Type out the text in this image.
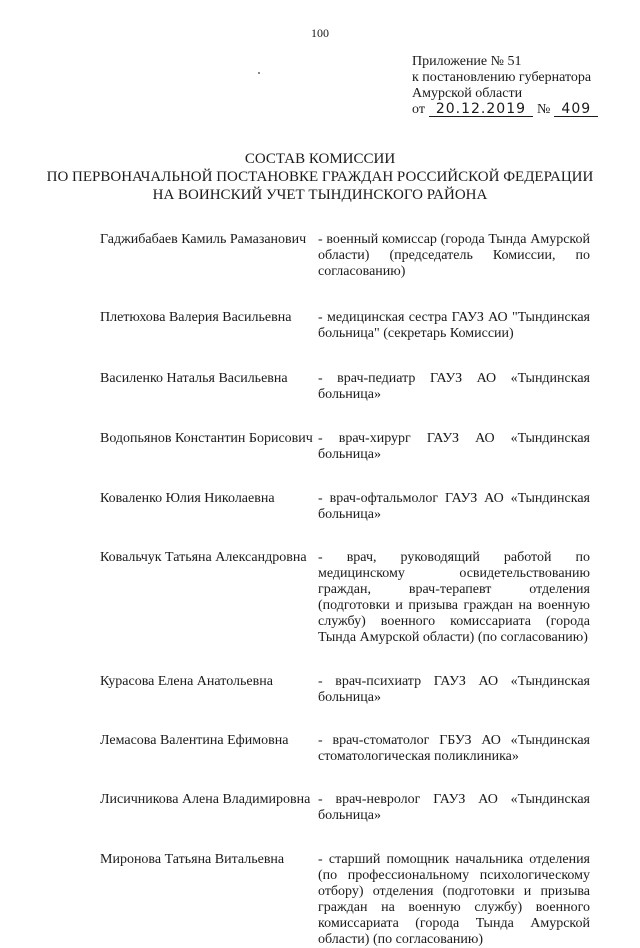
100
Приложение № 51
к постановлению губернатора
Амурской области
от 20.12.2019 № 409
СОСТАВ КОМИССИИ
ПО ПЕРВОНАЧАЛЬНОЙ ПОСТАНОВКЕ ГРАЖДАН РОССИЙСКОЙ ФЕДЕРАЦИИ
НА ВОИНСКИЙ УЧЕТ ТЫНДИНСКОГО РАЙОНА
Гаджибабаев Камиль Рамазанович - военный комиссар (города Тында Амурской области) (председатель Комиссии, по согласованию)
Плетюхова Валерия Васильевна	- медицинская сестра ГАУЗ АО "Тындинская больница" (секретарь Комиссии)
Василенко Наталья Васильевна	- врач-педиатр ГАУЗ АО «Тындинская больница»
Водопьянов Константин Борисович - врач-хирург ГАУЗ АО «Тындинская больница»
Коваленко Юлия Николаевна	- врач-офтальмолог ГАУЗ АО «Тындинская больница»
Ковальчук Татьяна Александровна - врач, руководящий работой по медицинскому освидетельствованию граждан, врач-терапевт отделения (подготовки и призыва граждан на военную службу) военного комиссариата (города Тында Амурской области) (по согласованию)
Курасова Елена Анатольевна	- врач-психиатр ГАУЗ АО «Тындинская больница»
Лемасова Валентина Ефимовна	- врач-стоматолог ГБУЗ АО «Тындинская стоматологическая поликлиника»
Лисичникова Алена Владимировна - врач-невролог ГАУЗ АО «Тындинская больница»
Миронова Татьяна Витальевна	- старший помощник начальника отделения (по профессиональному психологическому отбору) отделения (подготовки и призыва граждан на военную службу) военного комиссариата (города Тында Амурской области) (по согласованию)
